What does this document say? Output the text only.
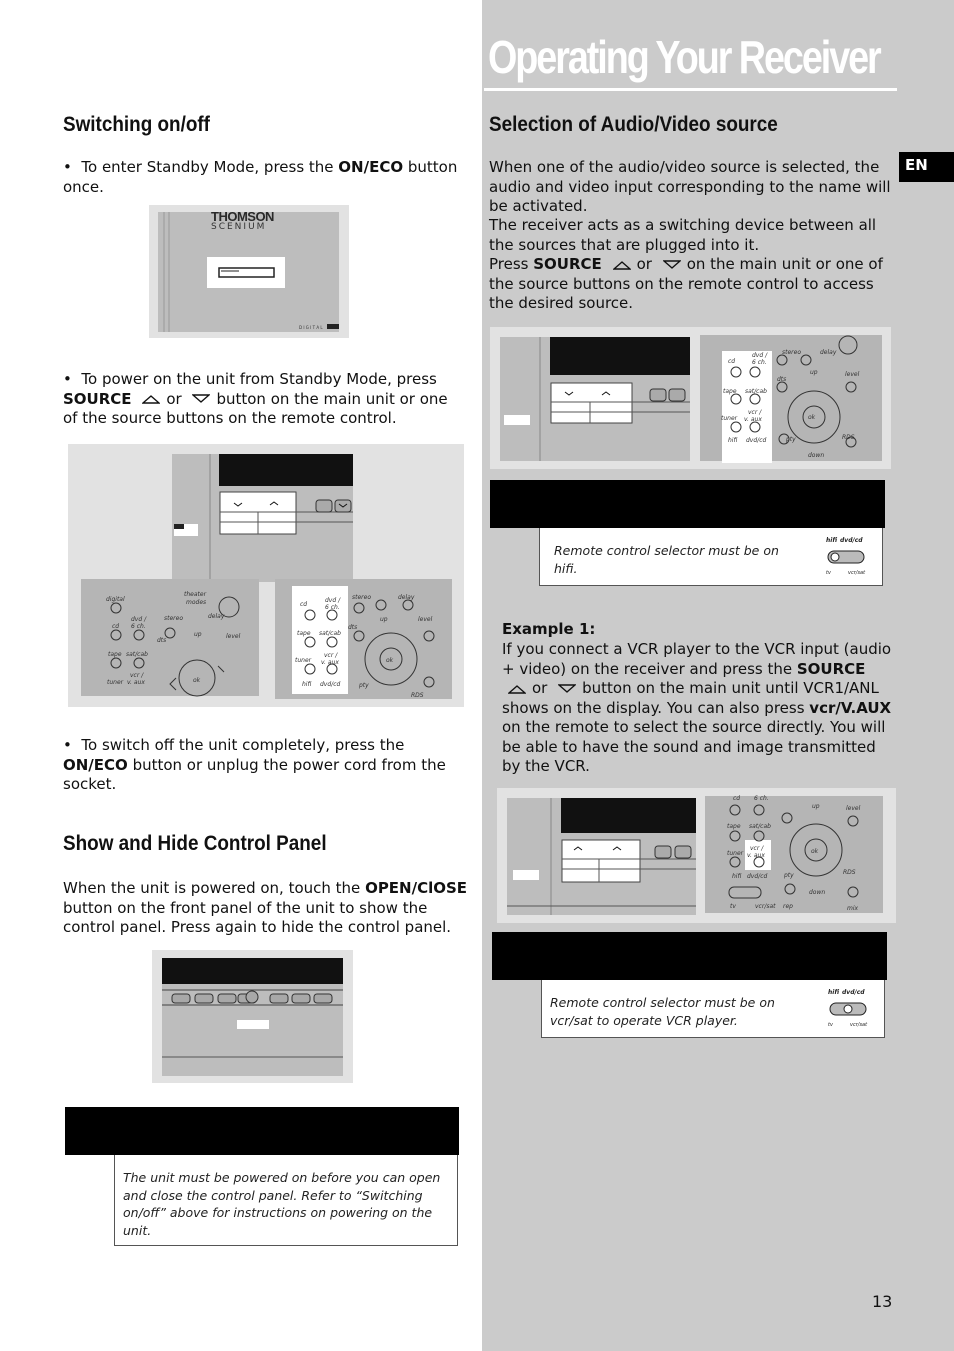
Operating Your Receiver
EN
Switching on/off
•  To enter Standby Mode, press the ON/ECO button once.
D I G I T A L
THOMSON
SCENIUM
•  To power on the unit from Standby Mode, press SOURCE or button on the main unit or one of the source buttons on the remote control.
digital
theater
modes
dvd /
6 ch.
cd
stereo	delay
dts
up	level
tape sat/cab
ok
tuner
vcr /
v. aux
cd
dvd /
6 ch.
stereo	delay
dts
up	level
tape sat/cab
ok
tuner
vcr /
v. aux
hifi dvd/cd	pty
RDS
•  To switch off the unit completely, press the ON/ECO button or unplug the power cord from the socket.
Show and Hide Control Panel
When the unit is powered on, touch the OPEN/ClOSE button on the front panel of the unit to show the control panel. Press again to hide the control panel.
The unit must be powered on before you can open and close the control panel. Refer to “Switching on/off” above for instructions on powering on the unit.
Selection of Audio/Video source
When one of the audio/video source is selected, the audio and video input corresponding to the name will be activated.
The receiver acts as a switching device between all the sources that are plugged into it.
Press SOURCE or on the main unit or one of the source buttons on the remote control to access the desired source.
cd
dvd /
6 ch.
stereo	delay
dts
up	level
tape sat/cab
ok
tuner
vcr /
v. aux
hifi dvd/cd	pty	RDS
down
Remote control selector must be on hifi.
hifi dvd/cd
tv	vcr/sat
Example 1:
If you connect a VCR player to the VCR input (audio + video) on the receiver and press the SOURCE or button on the main unit until VCR1/ANL shows on the display. You can also press vcr/V.AUX on the remote to select the source directly. You will be able to have the sound and image transmitted by the VCR.
cd 6 ch.
tape sat/cab
tuner
vcr /
v. aux
up	level
ok
hifi dvd/cd	pty	RDS
down
tv	vcr/sat rep	mix
Remote control selector must be on vcr/sat to operate VCR player.
hifi dvd/cd
tv	vcr/sat
13
